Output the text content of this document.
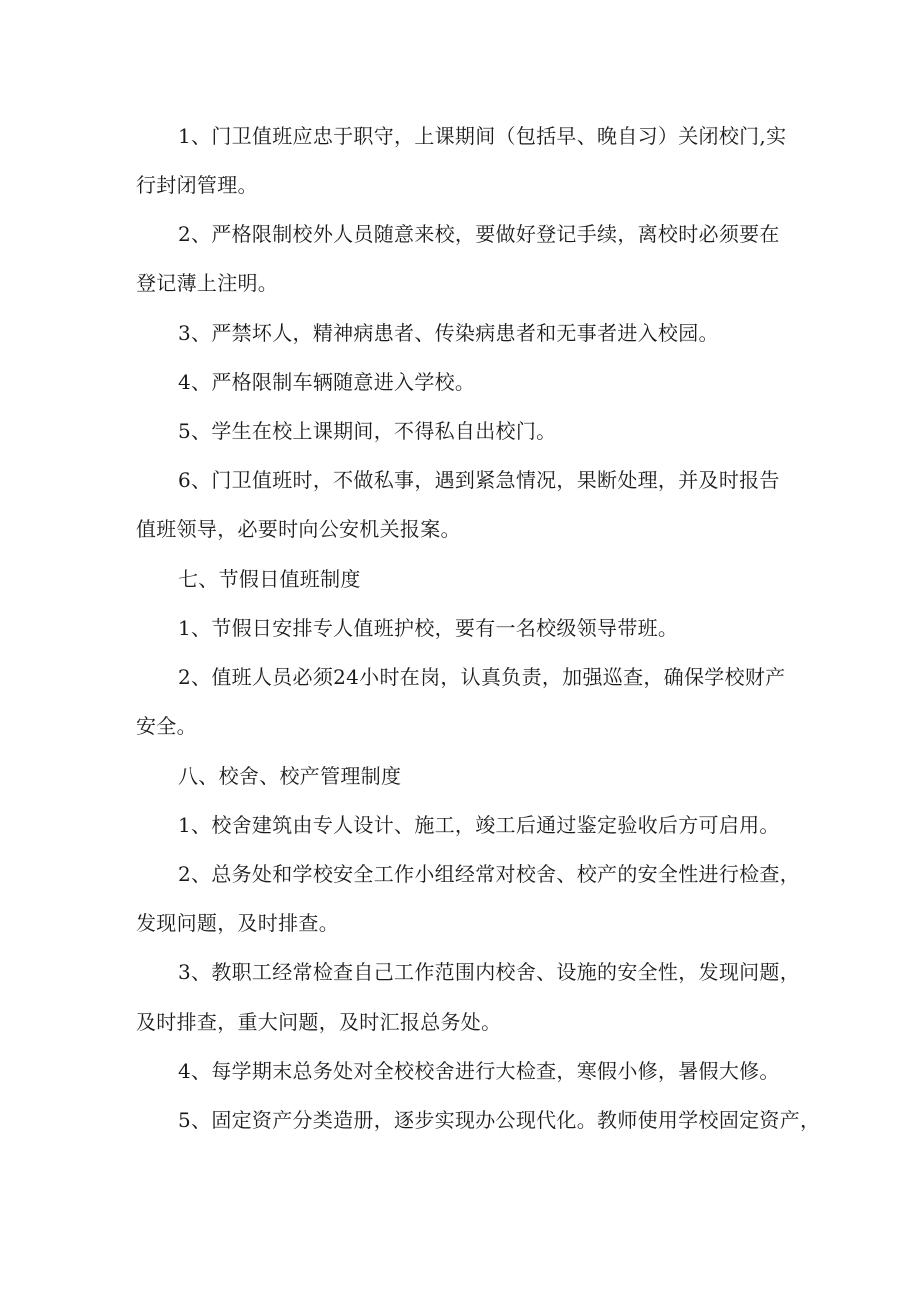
1、门卫值班应忠于职守，上课期间（包括早、晚自习）关闭校门,实
行封闭管理。
2、严格限制校外人员随意来校，要做好登记手续，离校时必须要在
登记薄上注明。
3、严禁坏人，精神病患者、传染病患者和无事者进入校园。
4、严格限制车辆随意进入学校。
5、学生在校上课期间，不得私自出校门。
6、门卫值班时，不做私事，遇到紧急情况，果断处理，并及时报告
值班领导，必要时向公安机关报案。
七、节假日值班制度
1、节假日安排专人值班护校，要有一名校级领导带班。
2、值班人员必须24小时在岗，认真负责，加强巡查，确保学校财产
安全。
八、校舍、校产管理制度
1、校舍建筑由专人设计、施工，竣工后通过鉴定验收后方可启用。
2、总务处和学校安全工作小组经常对校舍、校产的安全性进行检查，
发现问题，及时排查。
3、教职工经常检查自己工作范围内校舍、设施的安全性，发现问题，
及时排查，重大问题，及时汇报总务处。
4、每学期末总务处对全校校舍进行大检查，寒假小修，暑假大修。
5、固定资产分类造册，逐步实现办公现代化。教师使用学校固定资产，
